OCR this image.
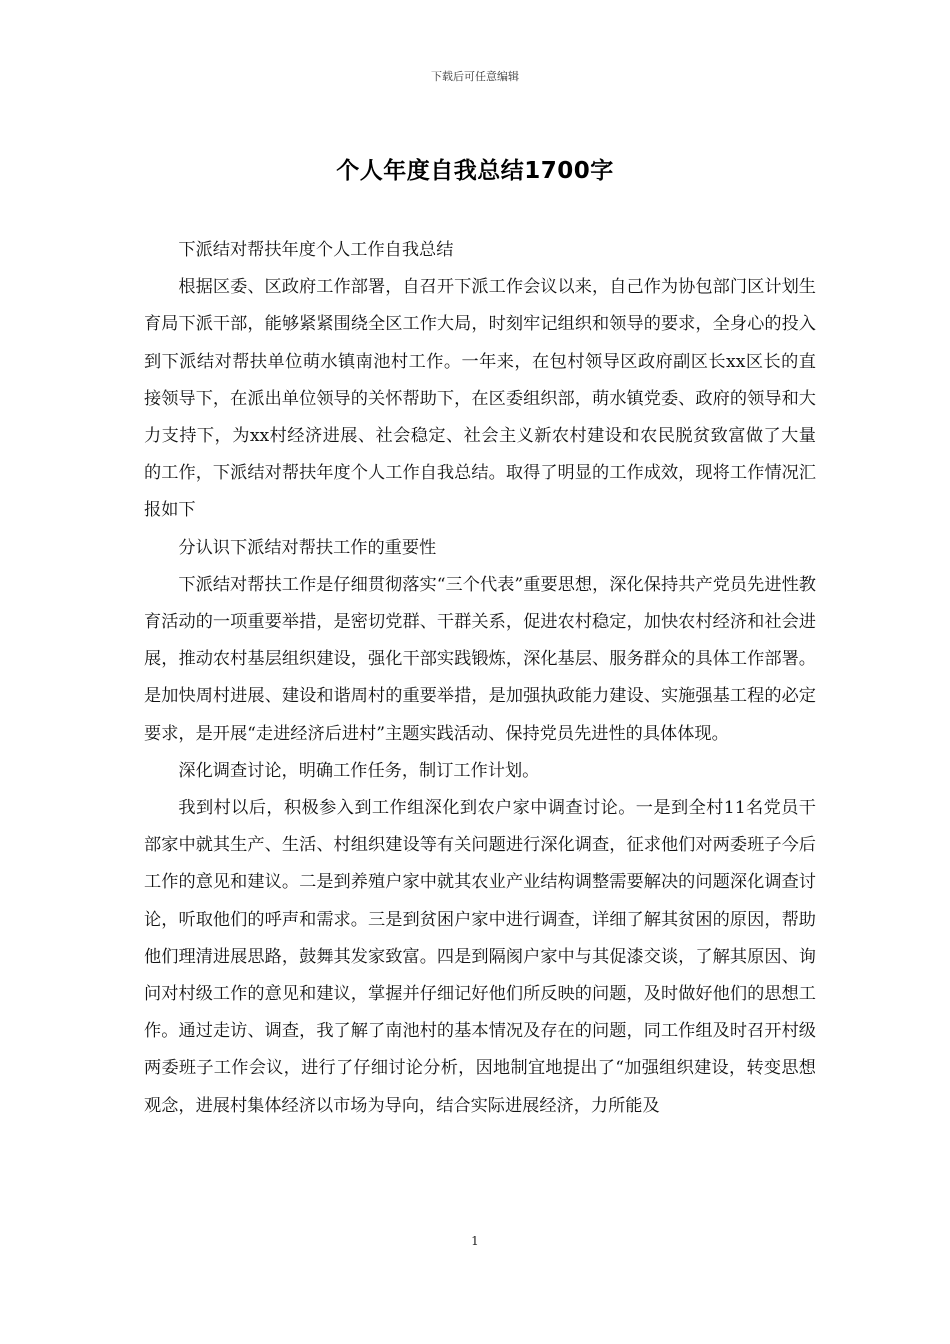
下载后可任意编辑
个人年度自我总结1700字

下派结对帮扶年度个人工作自我总结

根据区委、区政府工作部署，自召开下派工作会议以来，自己作为协包部门区计划生育局下派干部，能够紧紧围绕全区工作大局，时刻牢记组织和领导的要求，全身心的投入到下派结对帮扶单位萌水镇南池村工作。一年来，在包村领导区政府副区长xx区长的直接领导下，在派出单位领导的关怀帮助下，在区委组织部，萌水镇党委、政府的领导和大力支持下，为xx村经济进展、社会稳定、社会主义新农村建设和农民脱贫致富做了大量的工作，下派结对帮扶年度个人工作自我总结。取得了明显的工作成效，现将工作情况汇报如下

分认识下派结对帮扶工作的重要性

下派结对帮扶工作是仔细贯彻落实“三个代表”重要思想，深化保持共产党员先进性教育活动的一项重要举措，是密切党群、干群关系，促进农村稳定，加快农村经济和社会进展，推动农村基层组织建设，强化干部实践锻炼，深化基层、服务群众的具体工作部署。是加快周村进展、建设和谐周村的重要举措，是加强执政能力建设、实施强基工程的必定要求，是开展“走进经济后进村”主题实践活动、保持党员先进性的具体体现。

深化调查讨论，明确工作任务，制订工作计划。

我到村以后，积极参入到工作组深化到农户家中调查讨论。一是到全村11名党员干部家中就其生产、生活、村组织建设等有关问题进行深化调查，征求他们对两委班子今后工作的意见和建议。二是到养殖户家中就其农业产业结构调整需要解决的问题深化调查讨论，听取他们的呼声和需求。三是到贫困户家中进行调查，详细了解其贫困的原因，帮助他们理清进展思路，鼓舞其发家致富。四是到隔阂户家中与其促漆交谈，了解其原因、询问对村级工作的意见和建议，掌握并仔细记好他们所反映的问题，及时做好他们的思想工作。通过走访、调查，我了解了南池村的基本情况及存在的问题，同工作组及时召开村级两委班子工作会议，进行了仔细讨论分析，因地制宜地提出了“加强组织建设，转变思想观念，进展村集体经济以市场为导向，结合实际进展经济，力所能及

1
